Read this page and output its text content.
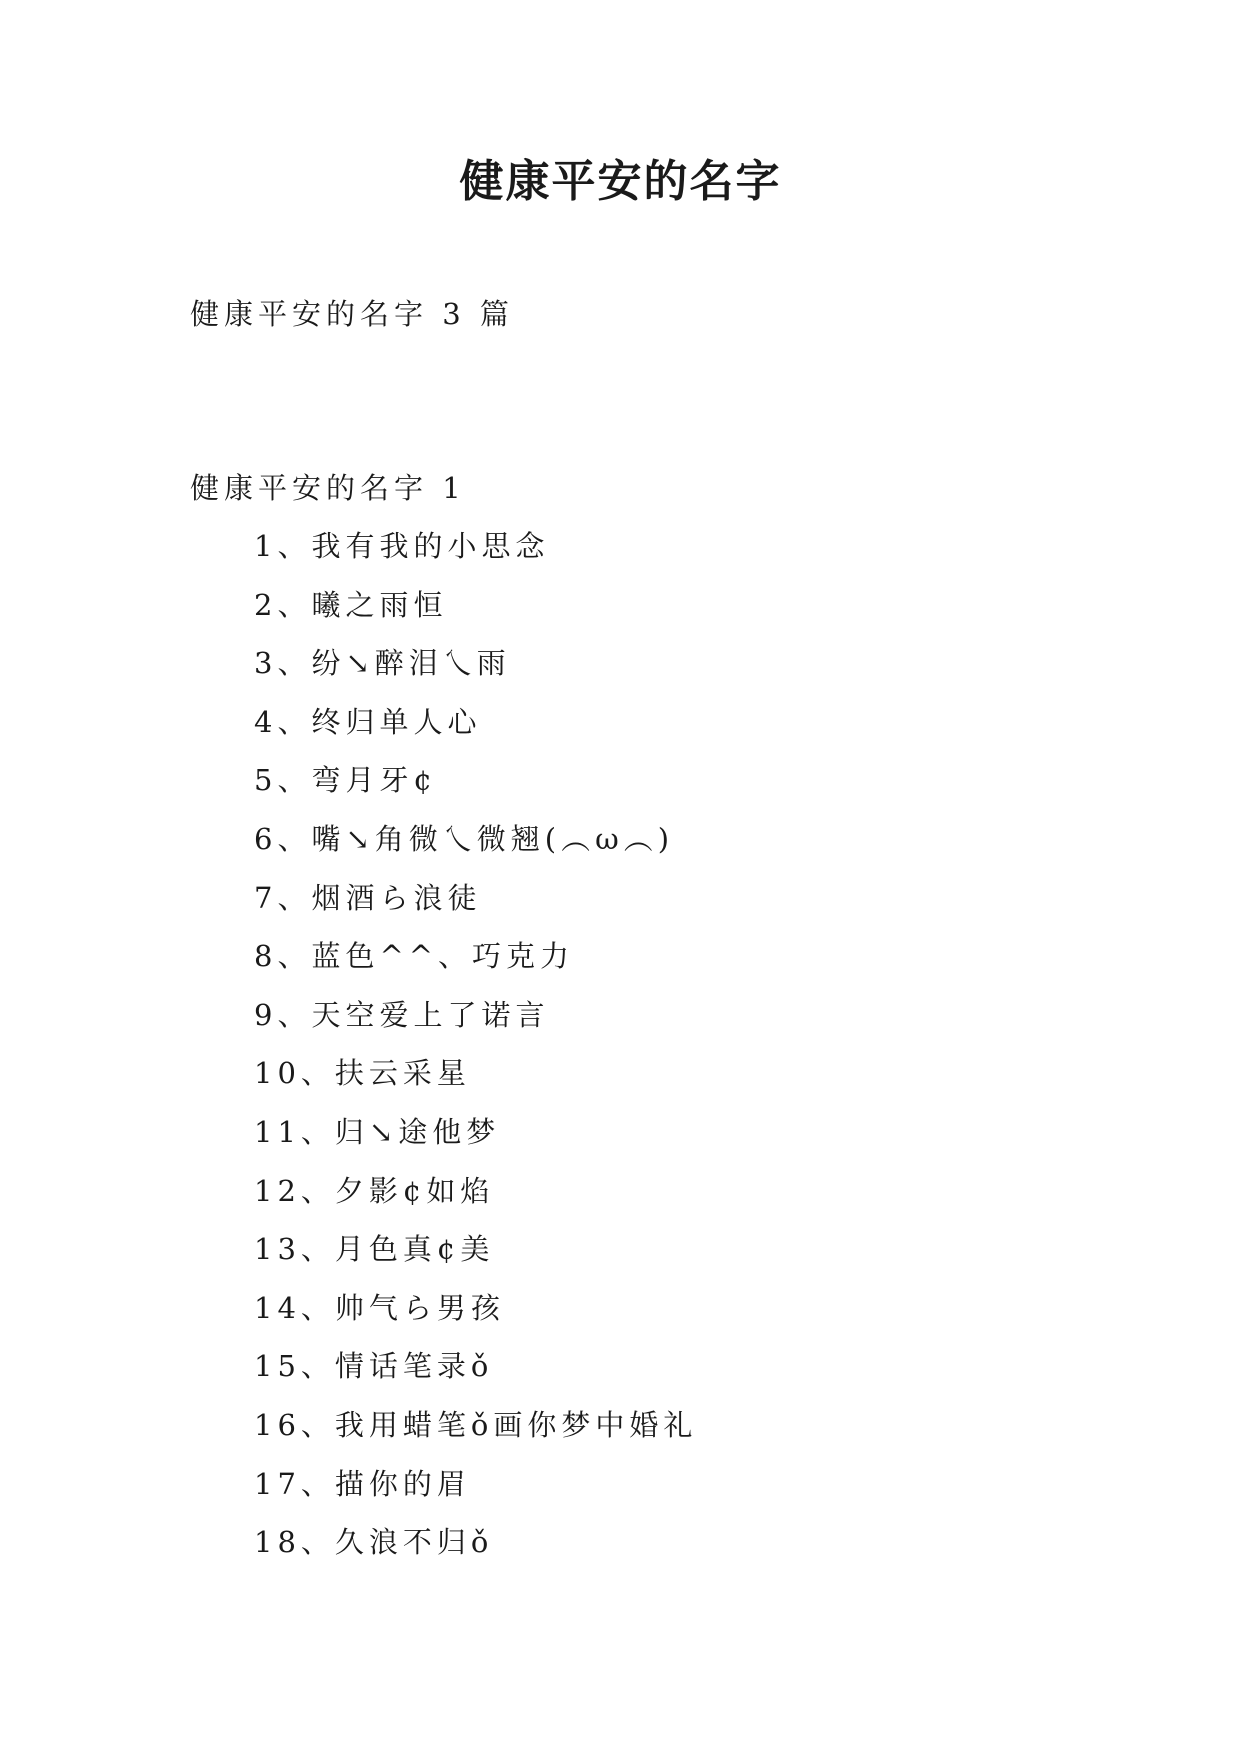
健康平安的名字

健康平安的名字 3 篇

健康平安的名字 1

1、我有我的小思念
2、曦之雨恒
3、纷↘醉泪乀雨
4、终归单人心
5、弯月牙¢
6、嘴↘角微乀微翘(︵ω︵)
7、烟酒ら浪徒
8、蓝色^^、巧克力
9、天空爱上了诺言
10、扶云采星
11、归↘途他梦
12、夕影¢如焰
13、月色真¢美
14、帅气ら男孩
15、情话笔录ǒ
16、我用蜡笔ǒ画你梦中婚礼
17、描你的眉
18、久浪不归ǒ
